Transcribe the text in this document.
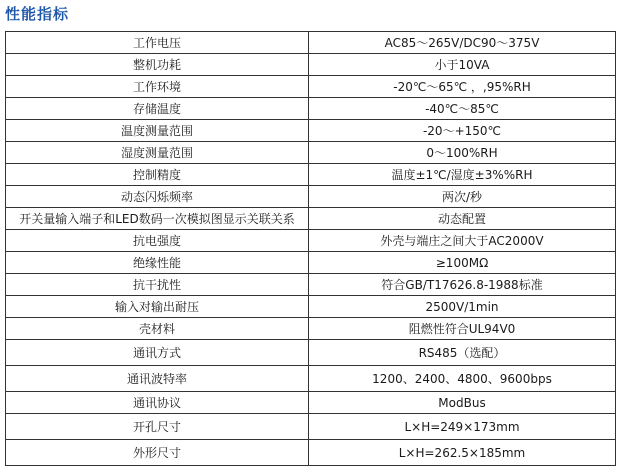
性能指标
工作电压	AC85～265V/DC90～375V
整机功耗	小于10VA
工作环境	-20℃～65℃ ，,95%RH
存储温度	-40℃～85℃
温度测量范围	-20～+150℃
湿度测量范围	0～100%RH
控制精度	温度±1℃/湿度±3%%RH
动态闪烁频率	两次/秒
开关量输入端子和LED数码一次模拟图显示关联关系	动态配置
抗电强度	外壳与端庄之间大于AC2000V
绝缘性能	≥100MΩ
抗干扰性	符合GB/T17626.8-1988标准
输入对输出耐压	2500V/1min
壳材料	阻燃性符合UL94V0
通讯方式	RS485（选配）
通讯波特率	1200、2400、4800、9600bps
通讯协议	ModBus
开孔尺寸	L×H=249×173mm
外形尺寸	L×H=262.5×185mm
